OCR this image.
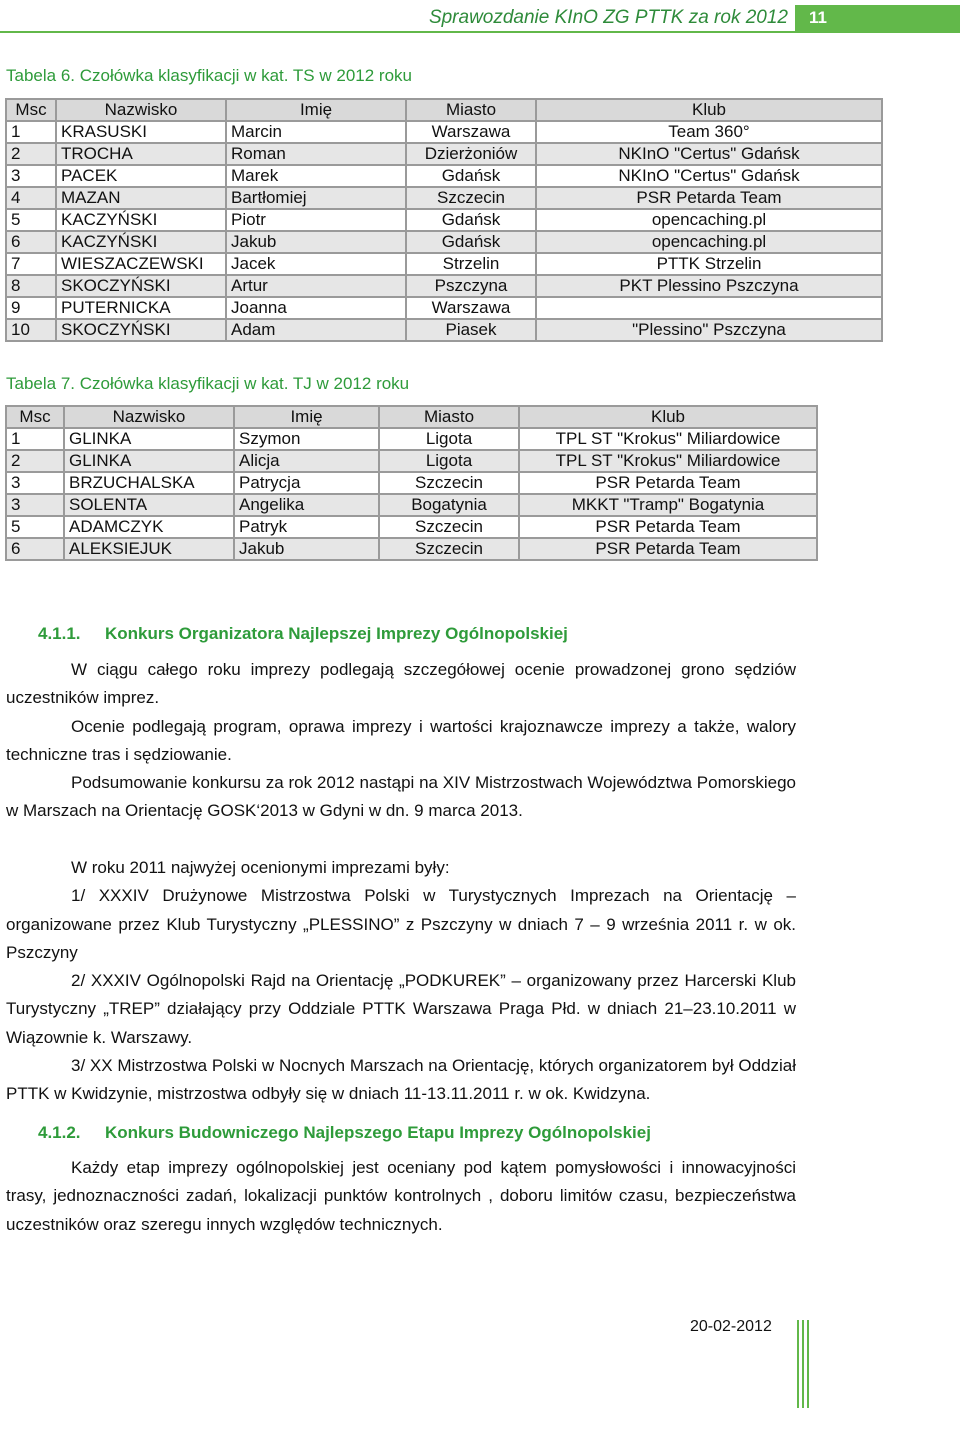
Sprawozdanie KInO ZG PTTK za rok 2012	11
Tabela 6. Czołówka klasyfikacji w kat. TS w 2012 roku
Msc	Nazwisko	Imię	Miasto	Klub
1	KRASUSKI	Marcin	Warszawa	Team 360°
2	TROCHA	Roman	Dzierżoniów	NKInO "Certus" Gdańsk
3	PACEK	Marek	Gdańsk	NKInO "Certus" Gdańsk
4	MAZAN	Bartłomiej	Szczecin	PSR Petarda Team
5	KACZYŃSKI	Piotr	Gdańsk	opencaching.pl
6	KACZYŃSKI	Jakub	Gdańsk	opencaching.pl
7	WIESZACZEWSKI	Jacek	Strzelin	PTTK Strzelin
8	SKOCZYŃSKI	Artur	Pszczyna	PKT Plessino Pszczyna
9	PUTERNICKA	Joanna	Warszawa	
10	SKOCZYŃSKI	Adam	Piasek	"Plessino" Pszczyna
Tabela 7. Czołówka klasyfikacji w kat. TJ w 2012 roku
Msc	Nazwisko	Imię	Miasto	Klub
1	GLINKA	Szymon	Ligota	TPL ST "Krokus" Miliardowice
2	GLINKA	Alicja	Ligota	TPL ST "Krokus" Miliardowice
3	BRZUCHALSKA	Patrycja	Szczecin	PSR Petarda Team
3	SOLENTA	Angelika	Bogatynia	MKKT "Tramp" Bogatynia
5	ADAMCZYK	Patryk	Szczecin	PSR Petarda Team
6	ALEKSIEJUK	Jakub	Szczecin	PSR Petarda Team
4.1.1. Konkurs Organizatora Najlepszej Imprezy Ogólnopolskiej

W ciągu całego roku imprezy podlegają szczegółowej ocenie prowadzonej grono sędziów uczestników imprez.

Ocenie podlegają program, oprawa imprezy i wartości krajoznawcze imprezy a także, walory techniczne tras i sędziowanie.

Podsumowanie konkursu za rok 2012 nastąpi na XIV Mistrzostwach Województwa Pomorskiego w Marszach na Orientację GOSK‘2013 w Gdyni w dn. 9 marca 2013.

W roku 2011 najwyżej ocenionymi imprezami były:

1/ XXXIV Drużynowe Mistrzostwa Polski w Turystycznych Imprezach na Orientację – organizowane przez Klub Turystyczny „PLESSINO” z Pszczyny w dniach 7 – 9 września 2011 r. w ok. Pszczyny

2/ XXXIV Ogólnopolski Rajd na Orientację „PODKUREK” – organizowany przez Harcerski Klub Turystyczny „TREP” działający przy Oddziale PTTK Warszawa Praga Płd. w dniach 21–23.10.2011 w Wiązownie k. Warszawy.

3/ XX Mistrzostwa Polski w Nocnych Marszach na Orientację, których organizatorem był Oddział PTTK w Kwidzynie, mistrzostwa odbyły się w dniach 11-13.11.2011 r. w ok. Kwidzyna.

4.1.2. Konkurs Budowniczego Najlepszego Etapu Imprezy Ogólnopolskiej

Każdy etap imprezy ogólnopolskiej jest oceniany pod kątem pomysłowości i innowacyjności trasy, jednoznaczności zadań, lokalizacji punktów kontrolnych , doboru limitów czasu, bezpieczeństwa uczestników oraz szeregu innych względów technicznych.

20-02-2012
